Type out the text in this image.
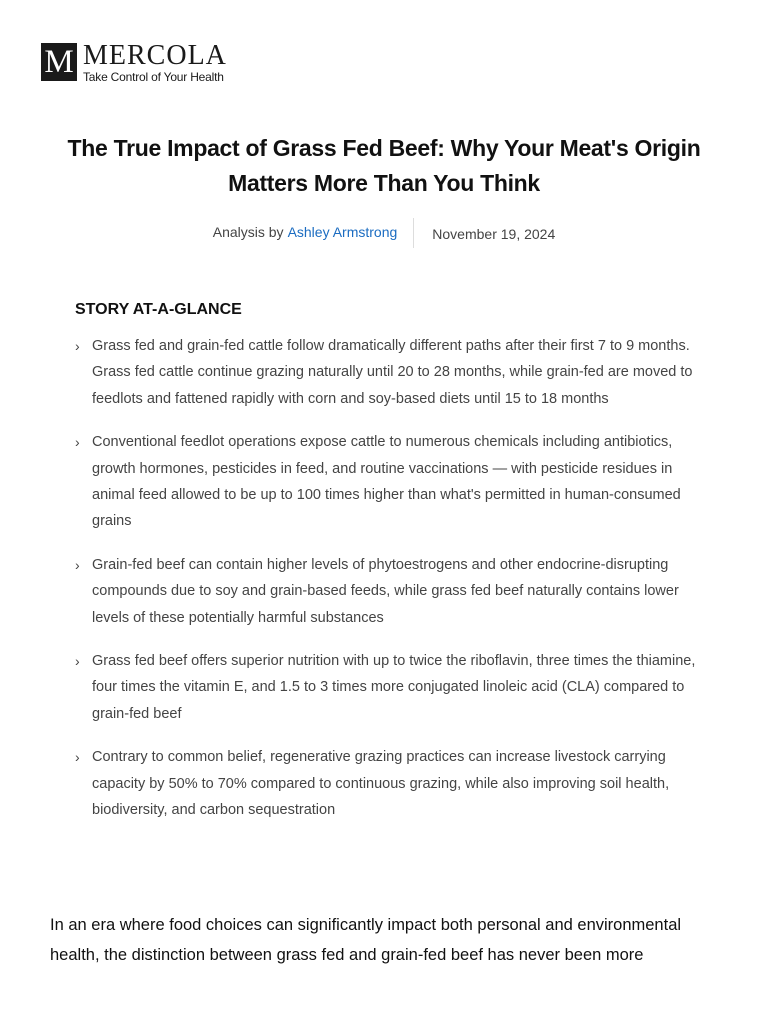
M MERCOLA
Take Control of Your Health
The True Impact of Grass Fed Beef: Why Your Meat's Origin Matters More Than You Think
Analysis by Ashley Armstrong	November 19, 2024
STORY AT-A-GLANCE
› Grass fed and grain-fed cattle follow dramatically different paths after their first 7 to 9 months. Grass fed cattle continue grazing naturally until 20 to 28 months, while grain-fed are moved to feedlots and fattened rapidly with corn and soy-based diets until 15 to 18 months
› Conventional feedlot operations expose cattle to numerous chemicals including antibiotics, growth hormones, pesticides in feed, and routine vaccinations — with pesticide residues in animal feed allowed to be up to 100 times higher than what's permitted in human-consumed grains
› Grain-fed beef can contain higher levels of phytoestrogens and other endocrine-disrupting compounds due to soy and grain-based feeds, while grass fed beef naturally contains lower levels of these potentially harmful substances
› Grass fed beef offers superior nutrition with up to twice the riboflavin, three times the thiamine, four times the vitamin E, and 1.5 to 3 times more conjugated linoleic acid (CLA) compared to grain-fed beef
› Contrary to common belief, regenerative grazing practices can increase livestock carrying capacity by 50% to 70% compared to continuous grazing, while also improving soil health, biodiversity, and carbon sequestration

In an era where food choices can significantly impact both personal and environmental health, the distinction between grass fed and grain-fed beef has never been more
